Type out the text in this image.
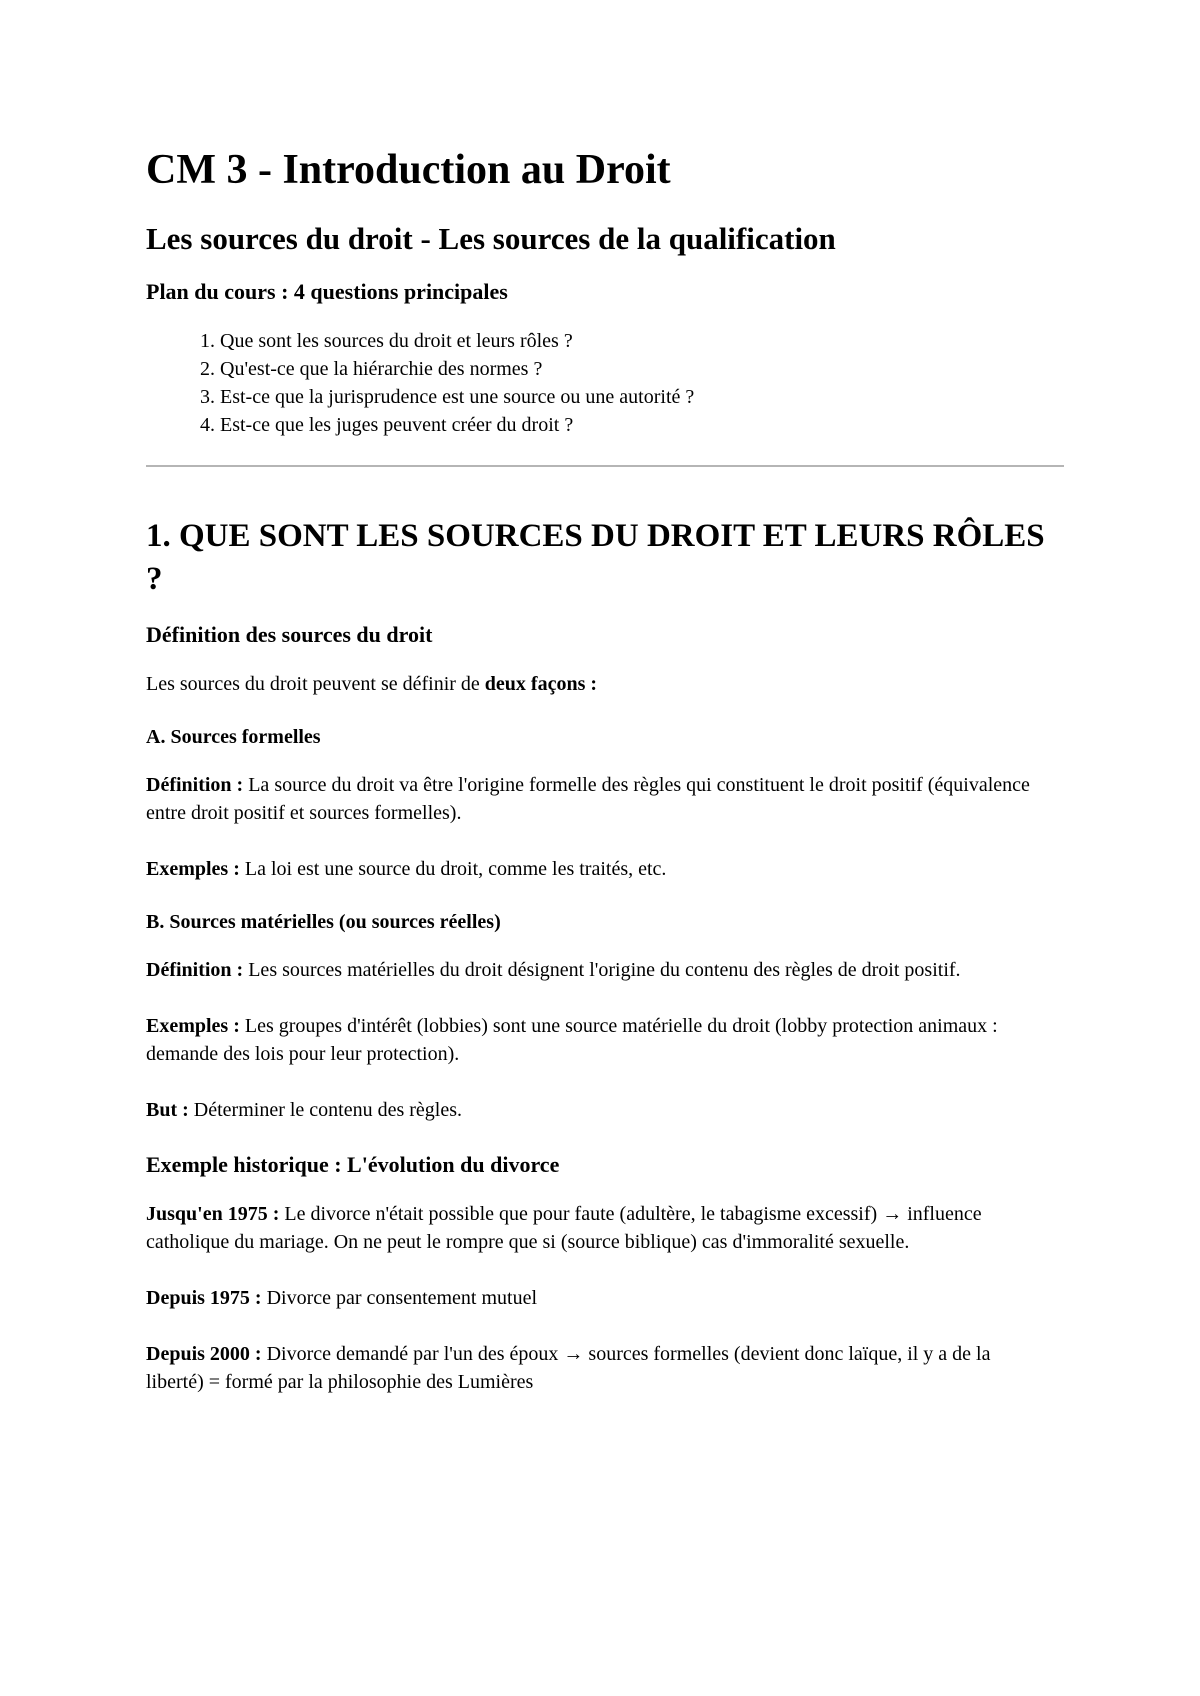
CM 3 - Introduction au Droit
Les sources du droit - Les sources de la qualification
Plan du cours : 4 questions principales
1. Que sont les sources du droit et leurs rôles ?
2. Qu'est-ce que la hiérarchie des normes ?
3. Est-ce que la jurisprudence est une source ou une autorité ?
4. Est-ce que les juges peuvent créer du droit ?
1. QUE SONT LES SOURCES DU DROIT ET LEURS RÔLES ?
Définition des sources du droit

Les sources du droit peuvent se définir de deux façons :

A. Sources formelles

Définition : La source du droit va être l'origine formelle des règles qui constituent le droit positif (équivalence entre droit positif et sources formelles).

Exemples : La loi est une source du droit, comme les traités, etc.

B. Sources matérielles (ou sources réelles)

Définition : Les sources matérielles du droit désignent l'origine du contenu des règles de droit positif.

Exemples : Les groupes d'intérêt (lobbies) sont une source matérielle du droit (lobby protection animaux : demande des lois pour leur protection).

But : Déterminer le contenu des règles.

Exemple historique : L'évolution du divorce

Jusqu'en 1975 : Le divorce n'était possible que pour faute (adultère, le tabagisme excessif) → influence catholique du mariage. On ne peut le rompre que si (source biblique) cas d'immoralité sexuelle.

Depuis 1975 : Divorce par consentement mutuel

Depuis 2000 : Divorce demandé par l'un des époux → sources formelles (devient donc laïque, il y a de la liberté) = formé par la philosophie des Lumières
